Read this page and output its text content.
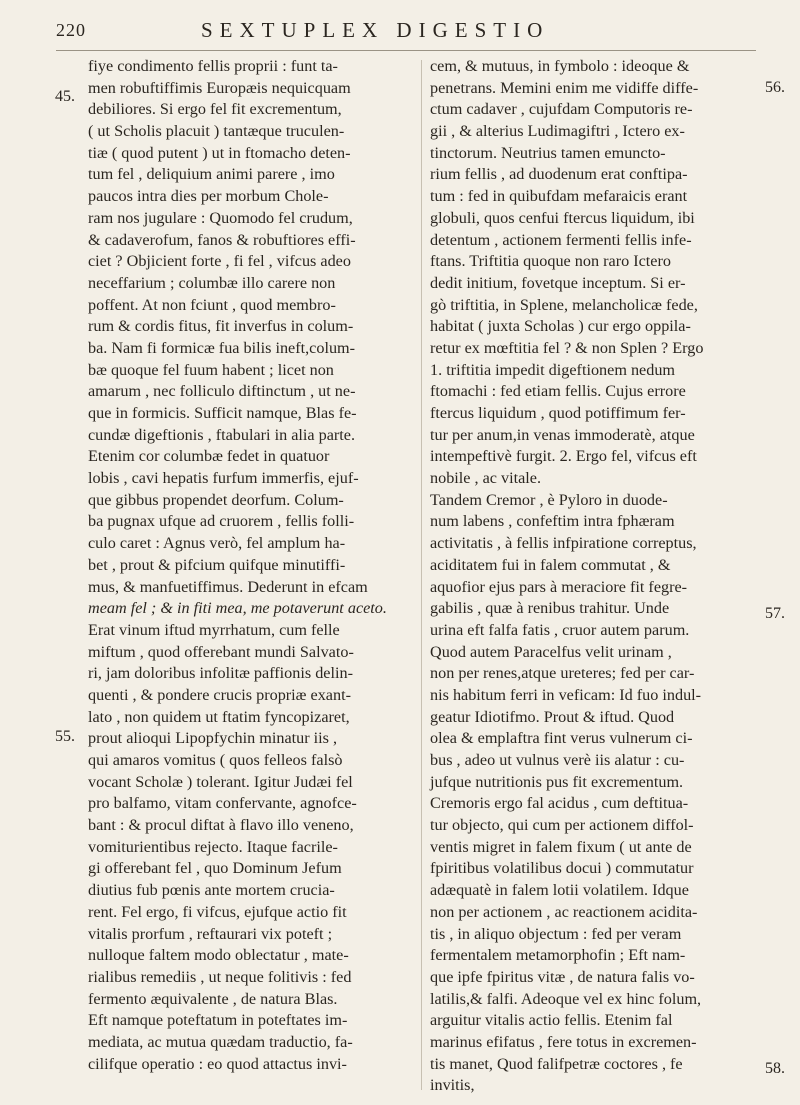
220	SEXTUPLEX DIGESTIO
fiye condimento fellis proprii : funt ta-
men robuftiffimis Europæis nequicquam
debiliores. Si ergo fel fit excrementum,
( ut Scholis placuit ) tantæque truculen-
tiæ ( quod putent ) ut in ftomacho deten-
tum fel , deliquium animi parere , imo
paucos intra dies per morbum Chole-
ram nos jugulare : Quomodo fel crudum,
& cadaverofum, fanos & robuftiores effi-
ciet ? Objicient forte , fi fel , vifcus adeo
neceffarium ; columbæ illo carere non
poffent. At non fciunt , quod membro-
rum & cordis fitus, fit inverfus in colum-
ba. Nam fi formicæ fua bilis ineft,colum-
bæ quoque fel fuum habent ; licet non
amarum , nec folliculo diftinctum , ut ne-
que in formicis. Sufficit namque, Blas fe-
cundæ digeftionis , ftabulari in alia parte.
Etenim cor columbæ fedet in quatuor
lobis , cavi hepatis furfum immerfis, ejuf-
que gibbus propendet deorfum. Colum-
ba pugnax ufque ad cruorem , fellis folli-
culo caret : Agnus verò, fel amplum ha-
bet , prout & pifcium quifque minutiffi-
mus, & manfuetiffimus. Dederunt in efcam
meam fel ; & in fiti mea, me potaverunt aceto.
Erat vinum iftud myrrhatum, cum felle
miftum , quod offerebant mundi Salvato-
ri, jam doloribus infolitæ paffionis delin-
quenti , & pondere crucis propriæ exant-
lato , non quidem ut ftatim fyncopizaret,
prout alioqui Lipopfychin minatur iis ,
qui amaros vomitus ( quos felleos falsò
vocant Scholæ ) tolerant. Igitur Judæi fel
pro balfamo, vitam confervante, agnofce-
bant : & procul diftat à flavo illo veneno,
vomiturientibus rejecto. Itaque facrile-
gi offerebant fel , quo Dominum Jefum
diutius fub pœnis ante mortem crucia-
rent. Fel ergo, fi vifcus, ejufque actio fit
vitalis prorfum , reftaurari vix poteft ;
nulloque faltem modo oblectatur , mate-
rialibus remediis , ut neque folitivis : fed
fermento æquivalente , de natura Blas.
Eft namque poteftatum in poteftates im-
mediata, ac mutua quædam traductio, fa-
cilifque operatio : eo quod attactus invi-
cem, & mutuus, in fymbolo : ideoque &
penetrans. Memini enim me vidiffe diffe-
ctum cadaver , cujufdam Computoris re-
gii , & alterius Ludimagiftri , Ictero ex-
tinctorum. Neutrius tamen emuncto-
rium fellis , ad duodenum erat conftipa-
tum : fed in quibufdam mefaraicis erant
globuli, quos cenfui ftercus liquidum, ibi
detentum , actionem fermenti fellis infe-
ftans. Triftitia quoque non raro Ictero
dedit initium, fovetque inceptum. Si er-
gò triftitia, in Splene, melancholicæ fede,
habitat ( juxta Scholas ) cur ergo oppila-
retur ex mœftitia fel ? & non Splen ? Ergo
1. triftitia impedit digeftionem nedum
ftomachi : fed etiam fellis. Cujus errore
ftercus liquidum , quod potiffimum fer-
tur per anum,in venas immoderatè, atque
intempeftivè furgit. 2. Ergo fel, vifcus eft
nobile , ac vitale.
Tandem Cremor , è Pyloro in duode-
num labens , confeftim intra fphæram
activitatis , à fellis infpiratione correptus,
aciditatem fui in falem commutat , &
aquofior ejus pars à meraciore fit fegre-
gabilis , quæ à renibus trahitur. Unde
urina eft falfa fatis , cruor autem parum.
Quod autem Paracelfus velit urinam ,
non per renes,atque ureteres; fed per car-
nis habitum ferri in veficam: Id fuo indul-
geatur Idiotifmo. Prout & iftud. Quod
olea & emplaftra fint verus vulnerum ci-
bus , adeo ut vulnus verè iis alatur : cu-
jufque nutritionis pus fit excrementum.
Cremoris ergo fal acidus , cum deftitua-
tur objecto, qui cum per actionem diffol-
ventis migret in falem fixum ( ut ante de
fpiritibus volatilibus docui ) commutatur
adæquatè in falem lotii volatilem. Idque
non per actionem , ac reactionem acidita-
tis , in aliquo objectum : fed per veram
fermentalem metamorphofin ; Eft nam-
que ipfe fpiritus vitæ , de natura falis vo-
latilis,& falfi. Adeoque vel ex hinc folum,
arguitur vitalis actio fellis. Etenim fal
marinus efifatus , fere totus in excremen-
tis manet, Quod falifpetræ coctores , fe
invitis,
45.
55.
56.
57.
58.
